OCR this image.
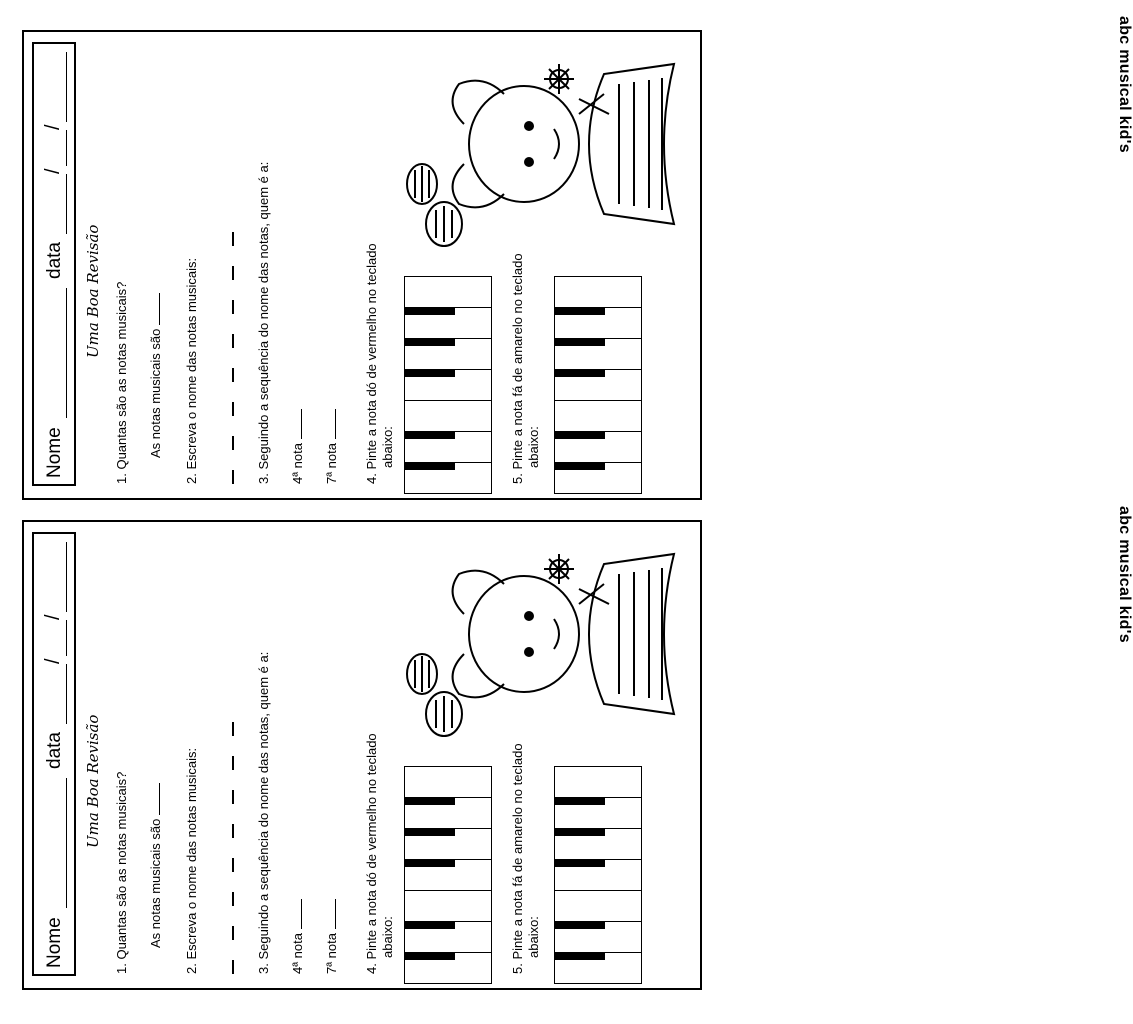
Nome
data
/
/
Uma Boa Revisão 1. Quantas são as notas musicais? As notas musicais são 2. Escreva o nome das notas musicais:	3. Seguindo a sequência do nome das notas, quem é a: 4ª nota 7ª nota 4. Pinte a nota dó de vermelho no teclado abaixo:	5. Pinte a nota fá de amarelo no teclado abaixo:
abc musical kid's
Nome
data
/
/
Uma Boa Revisão 1. Quantas são as notas musicais? As notas musicais são 2. Escreva o nome das notas musicais:	3. Seguindo a sequência do nome das notas, quem é a: 4ª nota 7ª nota 4. Pinte a nota dó de vermelho no teclado abaixo:	5. Pinte a nota fá de amarelo no teclado abaixo:
abc musical kid's
